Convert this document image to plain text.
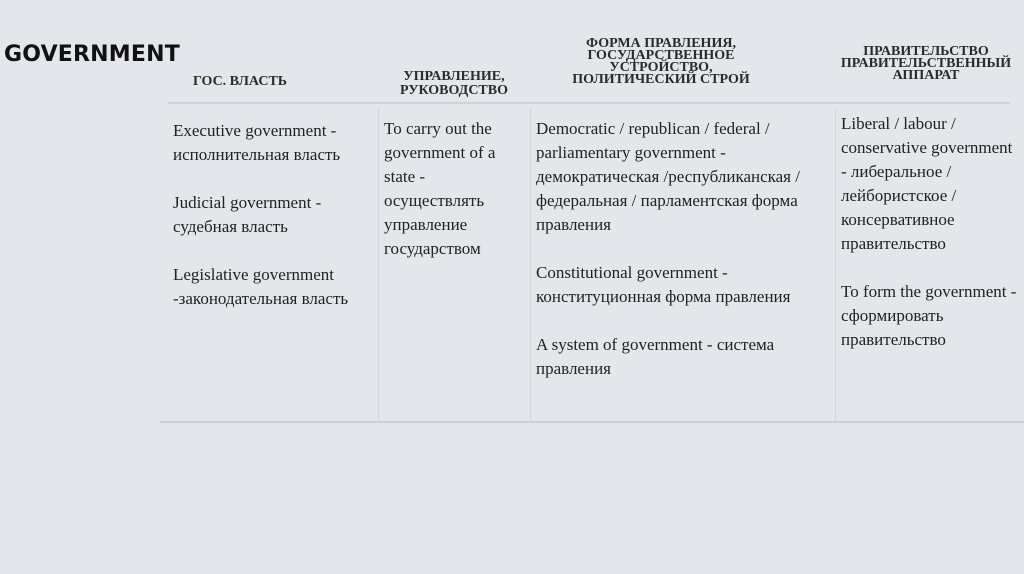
GOVERNMENT
ГОС. ВЛАСТЬ	УПРАВЛЕНИЕ,
РУКОВОДСТВО
ФОРМА ПРАВЛЕНИЯ,
ГОСУДАРСТВЕННОЕ
УСТРОЙСТВО,
ПОЛИТИЧЕСКИЙ СТРОЙ
ПРАВИТЕЛЬСТВО
ПРАВИТЕЛЬСТВЕННЫЙ
АППАРАТ

Executive government - исполнительная власть

Judicial government - судебная власть

Legislative government -законодательная власть

To carry out the government of a state - осуществлять управление государством

Democratic / republican / federal / parliamentary government - демократическая /республиканская / федеральная / парламентская форма правления

Constitutional government - конституционная форма правления

A system of government - система правления

Liberal / labour / conservative government - либеральное / лейбористское / консервативное правительство

To form the government - сформировать правительство
